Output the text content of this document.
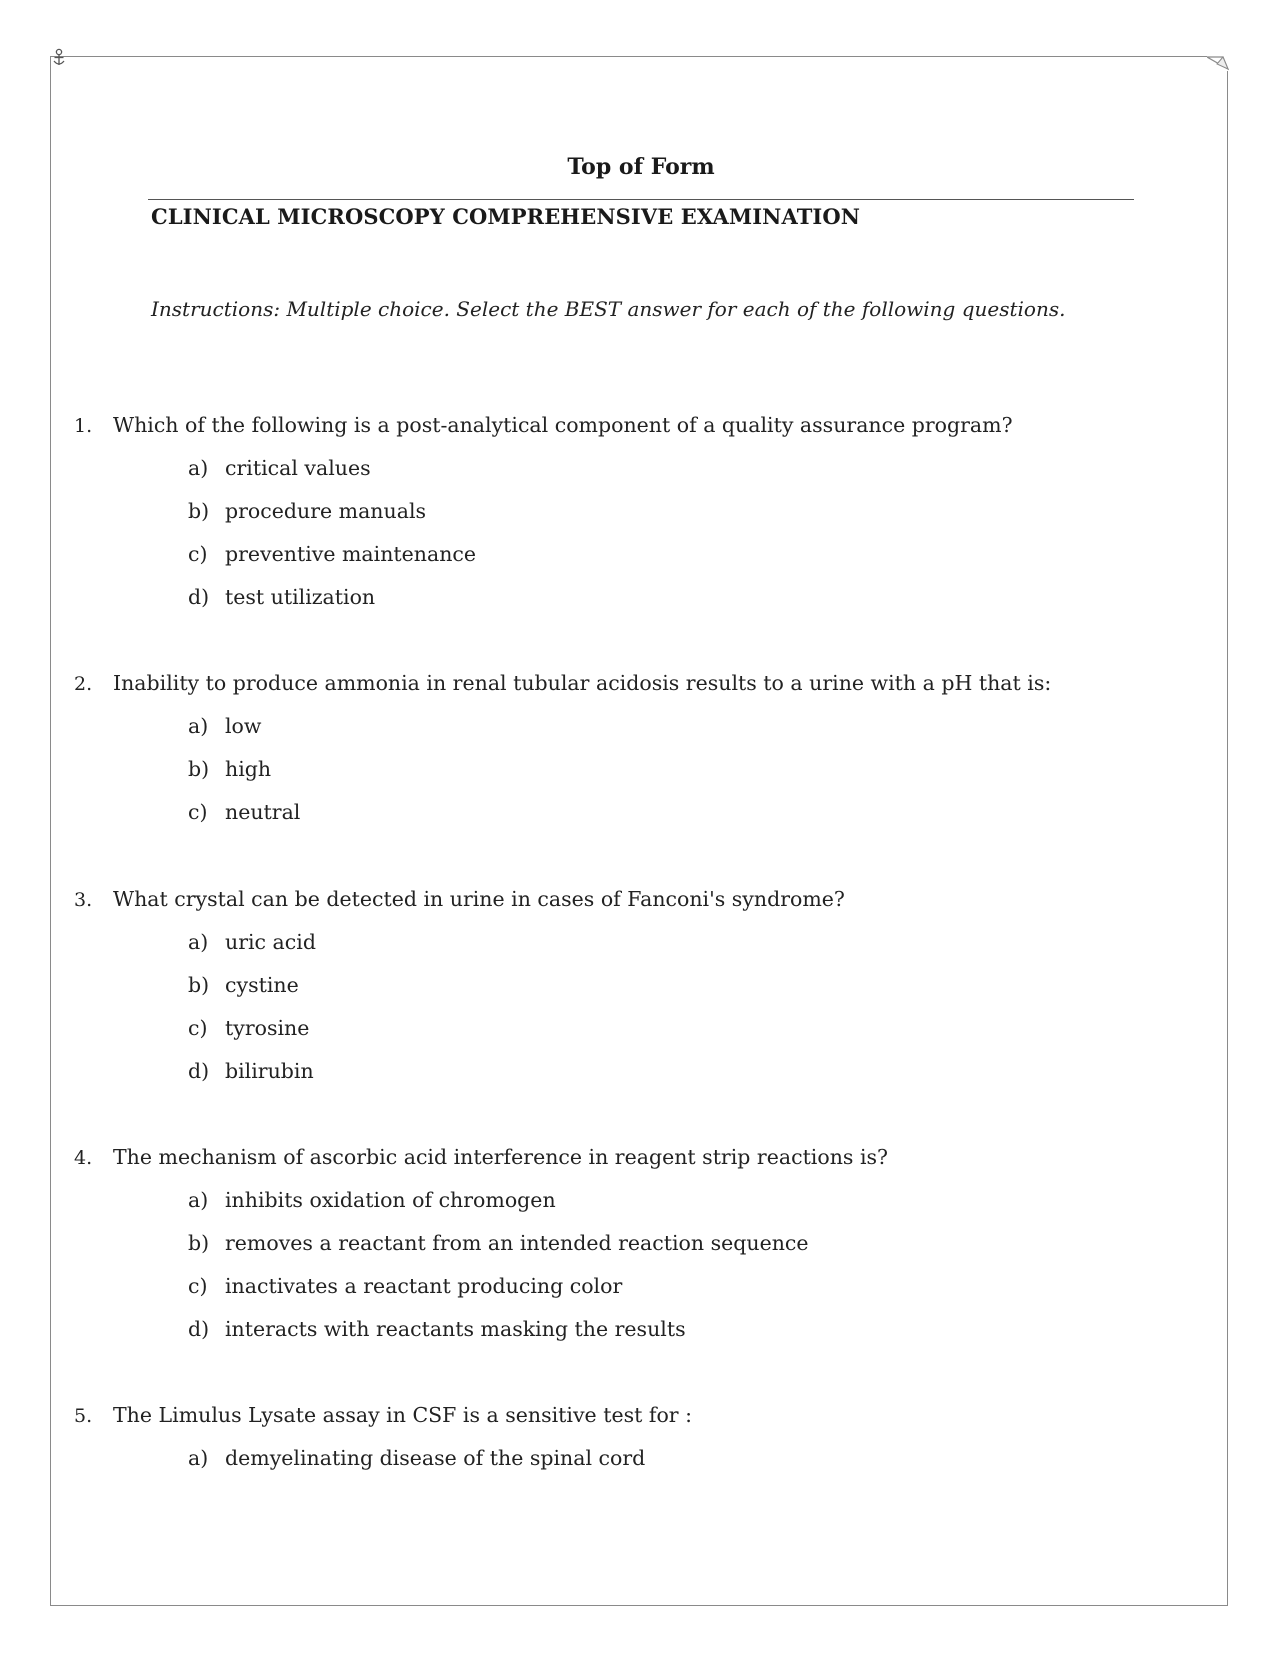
Top of Form
CLINICAL MICROSCOPY COMPREHENSIVE EXAMINATION
Instructions: Multiple choice. Select the BEST answer for each of the following questions.
1.	Which of the following is a post-analytical component of a quality assurance program?
a) critical values
b) procedure manuals
c) preventive maintenance
d) test utilization
2.	Inability to produce ammonia in renal tubular acidosis results to a urine with a pH that is:
a) low
b) high
c) neutral
3.	What crystal can be detected in urine in cases of Fanconi's syndrome?
a) uric acid
b) cystine
c) tyrosine
d) bilirubin
4.	The mechanism of ascorbic acid interference in reagent strip reactions is?
a) inhibits oxidation of chromogen
b) removes a reactant from an intended reaction sequence
c) inactivates a reactant producing color
d) interacts with reactants masking the results
5.	The Limulus Lysate assay in CSF is a sensitive test for :
a) demyelinating disease of the spinal cord
